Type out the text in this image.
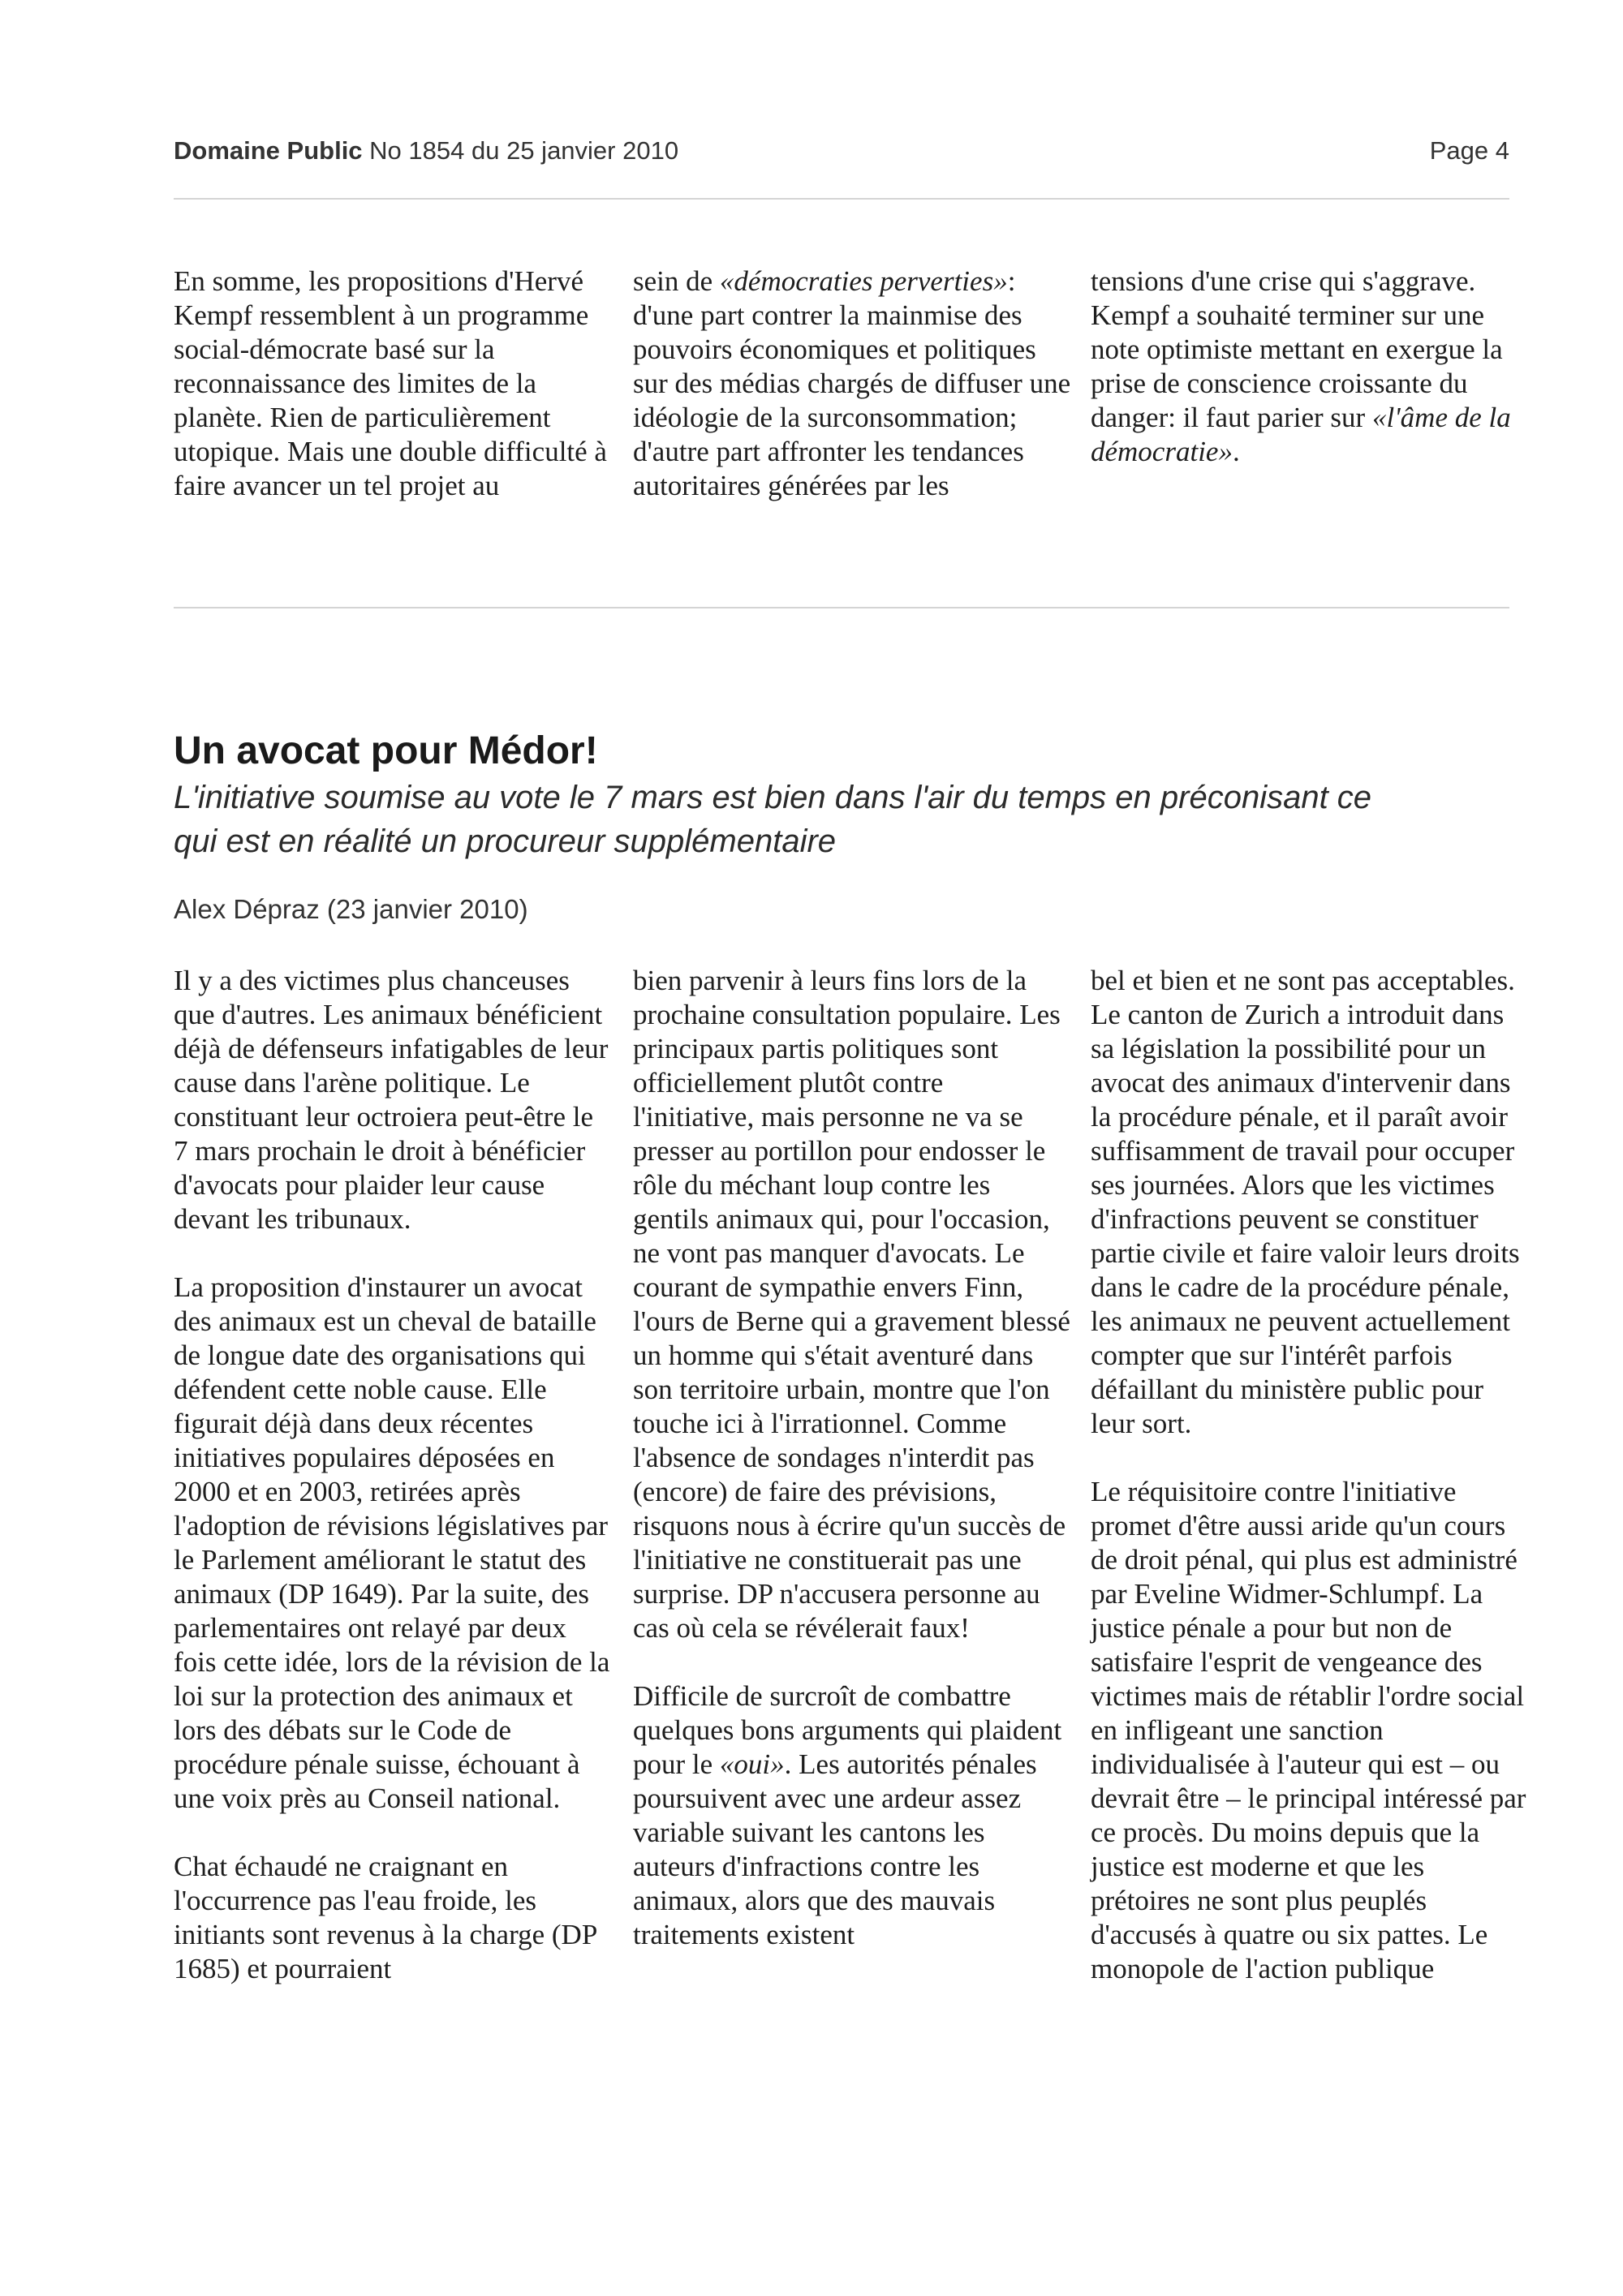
Domaine Public No 1854 du 25 janvier 2010	Page 4

En somme, les propositions d'Hervé Kempf ressemblent à un programme social-démocrate basé sur la reconnaissance des limites de la planète. Rien de particulièrement utopique. Mais une double difficulté à faire avancer un tel projet au

sein de «démocraties perverties»: d'une part contrer la mainmise des pouvoirs économiques et politiques sur des médias chargés de diffuser une idéologie de la surconsommation; d'autre part affronter les tendances autoritaires générées par les

tensions d'une crise qui s'aggrave. Kempf a souhaité terminer sur une note optimiste mettant en exergue la prise de conscience croissante du danger: il faut parier sur «l'âme de la démocratie».

Un avocat pour Médor!

L'initiative soumise au vote le 7 mars est bien dans l'air du temps en préconisant ce qui est en réalité un procureur supplémentaire

Alex Dépraz (23 janvier 2010)

Il y a des victimes plus chanceuses que d'autres. Les animaux bénéficient déjà de défenseurs infatigables de leur cause dans l'arène politique. Le constituant leur octroiera peut-être le 7 mars prochain le droit à bénéficier d'avocats pour plaider leur cause devant les tribunaux.

La proposition d'instaurer un avocat des animaux est un cheval de bataille de longue date des organisations qui défendent cette noble cause. Elle figurait déjà dans deux récentes initiatives populaires déposées en 2000 et en 2003, retirées après l'adoption de révisions législatives par le Parlement améliorant le statut des animaux (DP 1649). Par la suite, des parlementaires ont relayé par deux fois cette idée, lors de la révision de la loi sur la protection des animaux et lors des débats sur le Code de procédure pénale suisse, échouant à une voix près au Conseil national.

Chat échaudé ne craignant en l'occurrence pas l'eau froide, les initiants sont revenus à la charge (DP 1685) et pourraient

bien parvenir à leurs fins lors de la prochaine consultation populaire. Les principaux partis politiques sont officiellement plutôt contre l'initiative, mais personne ne va se presser au portillon pour endosser le rôle du méchant loup contre les gentils animaux qui, pour l'occasion, ne vont pas manquer d'avocats. Le courant de sympathie envers Finn, l'ours de Berne qui a gravement blessé un homme qui s'était aventuré dans son territoire urbain, montre que l'on touche ici à l'irrationnel. Comme l'absence de sondages n'interdit pas (encore) de faire des prévisions, risquons nous à écrire qu'un succès de l'initiative ne constituerait pas une surprise. DP n'accusera personne au cas où cela se révélerait faux!

Difficile de surcroît de combattre quelques bons arguments qui plaident pour le «oui». Les autorités pénales poursuivent avec une ardeur assez variable suivant les cantons les auteurs d'infractions contre les animaux, alors que des mauvais traitements existent

bel et bien et ne sont pas acceptables. Le canton de Zurich a introduit dans sa législation la possibilité pour un avocat des animaux d'intervenir dans la procédure pénale, et il paraît avoir suffisamment de travail pour occuper ses journées. Alors que les victimes d'infractions peuvent se constituer partie civile et faire valoir leurs droits dans le cadre de la procédure pénale, les animaux ne peuvent actuellement compter que sur l'intérêt parfois défaillant du ministère public pour leur sort.

Le réquisitoire contre l'initiative promet d'être aussi aride qu'un cours de droit pénal, qui plus est administré par Eveline Widmer-Schlumpf. La justice pénale a pour but non de satisfaire l'esprit de vengeance des victimes mais de rétablir l'ordre social en infligeant une sanction individualisée à l'auteur qui est – ou devrait être – le principal intéressé par ce procès. Du moins depuis que la justice est moderne et que les prétoires ne sont plus peuplés d'accusés à quatre ou six pattes. Le monopole de l'action publique
